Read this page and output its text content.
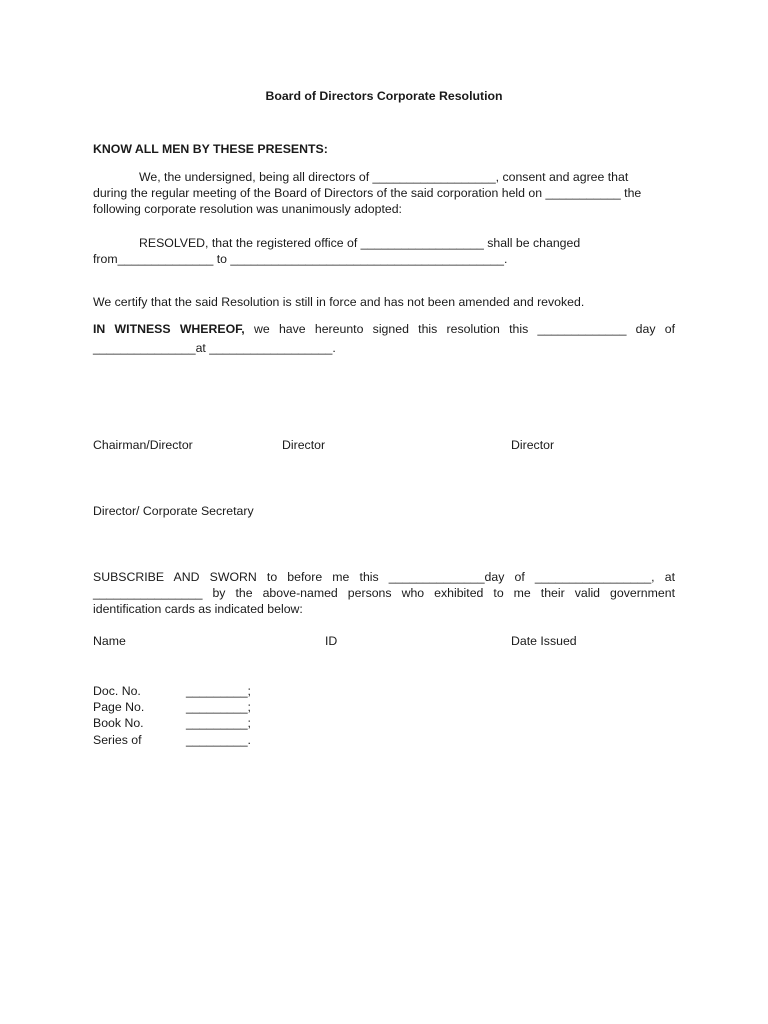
Board of Directors Corporate Resolution
KNOW ALL MEN BY THESE PRESENTS:
We, the undersigned, being all directors of __________________, consent and agree that
during the regular meeting of the Board of Directors of the said corporation held on ___________ the
following corporate resolution was unanimously adopted:
RESOLVED, that the registered office of __________________ shall be changed
from______________ to ________________________________________.
We certify that the said Resolution is still in force and has not been amended and revoked.
IN WITNESS WHEREOF, we have hereunto signed this resolution this _____________ day of
_______________at __________________.
Chairman/Director	Director	Director
Director/ Corporate Secretary
SUBSCRIBE AND SWORN to before me this ______________day of _________________, at
________________ by the above-named persons who exhibited to me their valid government
identification cards as indicated below:
Name	ID	Date Issued
Doc. No.	_________;
Page No.	_________;
Book No.	_________;
Series of	_________.
